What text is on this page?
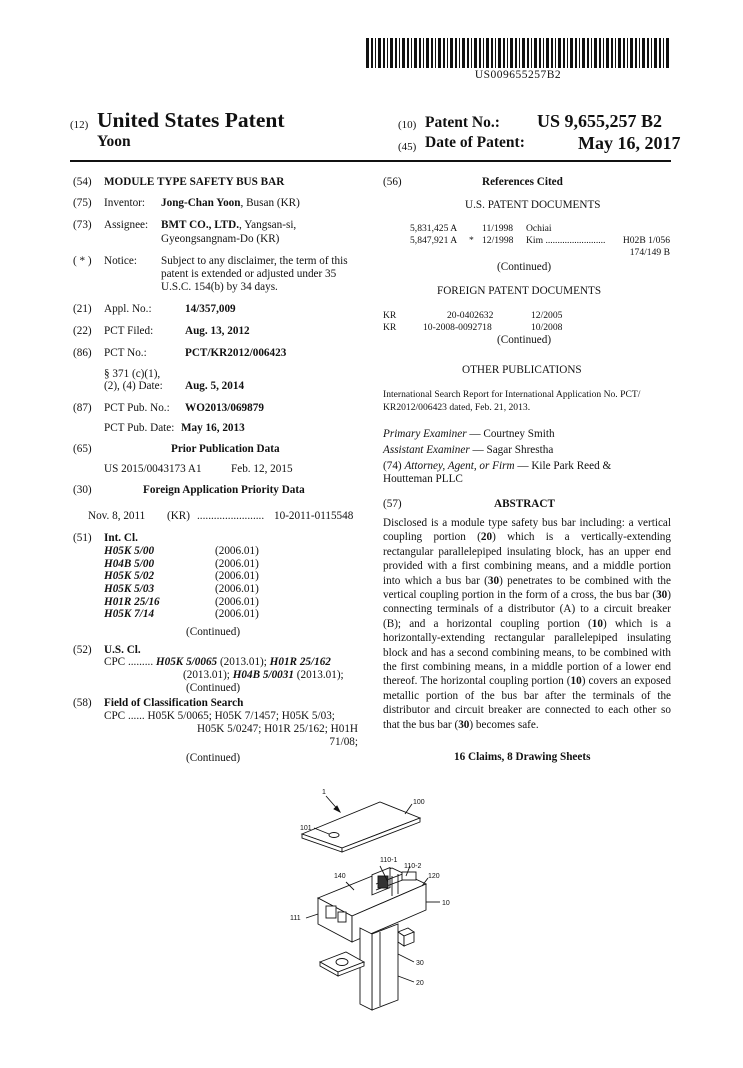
US009655257B2
(12) United States Patent
Yoon
(10) Patent No.: US 9,655,257 B2
(45) Date of Patent:	May 16, 2017
(54) MODULE TYPE SAFETY BUS BAR
(75) Inventor: Jong-Chan Yoon, Busan (KR)
(73) Assignee: BMT CO., LTD., Yangsan-si,
Gyeongsangnam-Do (KR)
( * ) Notice: Subject to any disclaimer, the term of this
patent is extended or adjusted under 35
U.S.C. 154(b) by 34 days.
(21) Appl. No.:	14/357,009
(22) PCT Filed:	Aug. 13, 2012
(86) PCT No.:	PCT/KR2012/006423
§ 371 (c)(1),
(2), (4) Date: Aug. 5, 2014
(87) PCT Pub. No.: WO2013/069879
PCT Pub. Date: May 16, 2013
(65)	Prior Publication Data
US 2015/0043173 A1	Feb. 12, 2015
(30)	Foreign Application Priority Data
Nov. 8, 2011 (KR) ........................ 10-2011-0115548
(51) Int. Cl.
H05K 5/00	(2006.01)
H04B 5/00	(2006.01)
H05K 5/02	(2006.01)
H05K 5/03	(2006.01)
H01R 25/16	(2006.01)
H05K 7/14	(2006.01)
(Continued)
(52) U.S. Cl.
CPC ......... H05K 5/0065 (2013.01); H01R 25/162
(2013.01); H04B 5/0031 (2013.01);
(Continued)
(58) Field of Classification Search
CPC ...... H05K 5/0065; H05K 7/1457; H05K 5/03;
H05K 5/0247; H01R 25/162; H01H
71/08;
(Continued)
(56)	References Cited
U.S. PATENT DOCUMENTS
5,831,425 A	11/1998 Ochiai
5,847,921 A * 12/1998 Kim ......................... H02B 1/056
174/149 B
(Continued)
FOREIGN PATENT DOCUMENTS
KR	20-0402632	12/2005
KR	10-2008-0092718	10/2008
(Continued)
OTHER PUBLICATIONS
International Search Report for International Application No. PCT/
KR2012/006423 dated, Feb. 21, 2013.
Primary Examiner — Courtney Smith
Assistant Examiner — Sagar Shrestha
(74) Attorney, Agent, or Firm — Kile Park Reed &
Houtteman PLLC
(57)	ABSTRACT
Disclosed is a module type safety bus bar including: a vertical coupling portion (20) which is a vertically-extending rectangular parallelepiped insulating block, has an upper end provided with a first combining means, and a middle portion into which a bus bar (30) penetrates to be combined with the vertical coupling portion in the form of a cross, the bus bar (30) connecting terminals of a distributor (A) to a circuit breaker (B); and a horizontal coupling portion (10) which is a horizontally-extending rectangular parallelepiped insulating block and has a second combining means, to be combined with the first combining means, in a middle portion of a lower end thereof. The horizontal coupling portion (10) covers an exposed metallic portion of the bus bar after the terminals of the distributor and circuit breaker are connected to each other so that the bus bar (30) becomes safe.
16 Claims, 8 Drawing Sheets
1
100
101
110-1
110-2
140	120
10
111
30
20
